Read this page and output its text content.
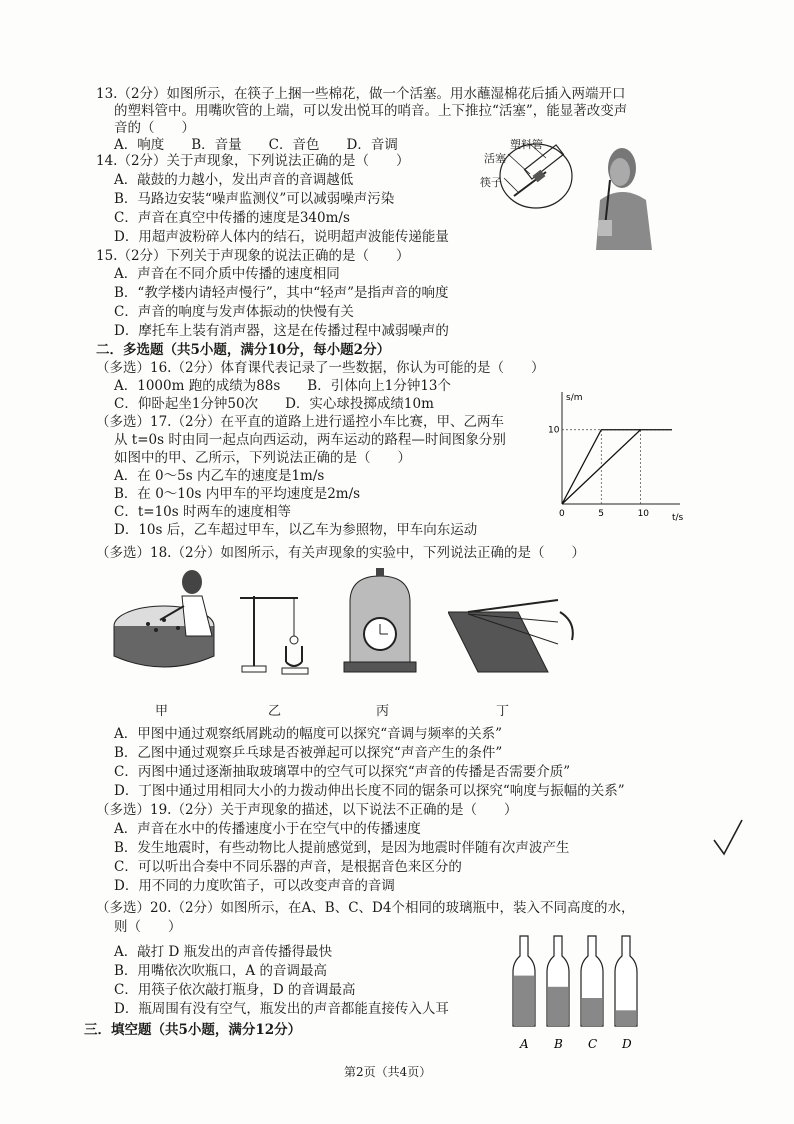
13.（2分）如图所示，在筷子上捆一些棉花，做一个活塞。用水蘸湿棉花后插入两端开口
的塑料管中。用嘴吹管的上端，可以发出悦耳的哨音。上下推拉“活塞”，能显著改变声
音的（　　）
A．响度　　B．音量　　C．音色　　D．音调	塑料管
活塞
筷子
14.（2分）关于声现象，下列说法正确的是（　　）
A．敲鼓的力越小，发出声音的音调越低
B．马路边安装“噪声监测仪”可以减弱噪声污染
C．声音在真空中传播的速度是340m/s
D．用超声波粉碎人体内的结石，说明超声波能传递能量
15.（2分）下列关于声现象的说法正确的是（　　）
A．声音在不同介质中传播的速度相同
B．“教学楼内请轻声慢行”，其中“轻声”是指声音的响度
C．声音的响度与发声体振动的快慢有关
D．摩托车上装有消声器，这是在传播过程中减弱噪声的
二．多选题（共5小题，满分10分，每小题2分）
（多选）16.（2分）体育课代表记录了一些数据，你认为可能的是（　　）
A．1000m 跑的成绩为88s　　B．引体向上1分钟13个
C．仰卧起坐1分钟50次　　D．实心球投掷成绩10m
（多选）17.（2分）在平直的道路上进行遥控小车比赛，甲、乙两车
从 t=0s 时由同一起点向西运动，两车运动的路程—时间图象分别
如图中的甲、乙所示，下列说法正确的是（　　）
A．在 0～5s 内乙车的速度是1m/s
B．在 0～10s 内甲车的平均速度是2m/s
C．t=10s 时两车的速度相等
D．10s 后，乙车超过甲车，以乙车为参照物，甲车向东运动
s/m
t/s
0	5	10
10
（多选）18.（2分）如图所示，有关声现象的实验中，下列说法正确的是（　　）
甲	乙	丙	丁
A．甲图中通过观察纸屑跳动的幅度可以探究“音调与频率的关系”
B．乙图中通过观察乒乓球是否被弹起可以探究“声音产生的条件”
C．丙图中通过逐渐抽取玻璃罩中的空气可以探究“声音的传播是否需要介质”
D．丁图中通过用相同大小的力拨动伸出长度不同的锯条可以探究“响度与振幅的关系”
（多选）19.（2分）关于声现象的描述，以下说法不正确的是（　　）
A．声音在水中的传播速度小于在空气中的传播速度
B．发生地震时，有些动物比人提前感觉到，是因为地震时伴随有次声波产生
C．可以听出合奏中不同乐器的声音，是根据音色来区分的
D．用不同的力度吹笛子，可以改变声音的音调
（多选）20.（2分）如图所示，在A、B、C、D4个相同的玻璃瓶中，装入不同高度的水，
则（　　）
A．敲打 D 瓶发出的声音传播得最快
B．用嘴依次吹瓶口，A 的音调最高
C．用筷子依次敲打瓶身，D 的音调最高
D．瓶周围有没有空气，瓶发出的声音都能直接传入人耳
A B C D
三．填空题（共5小题，满分12分）
第2页（共4页）
